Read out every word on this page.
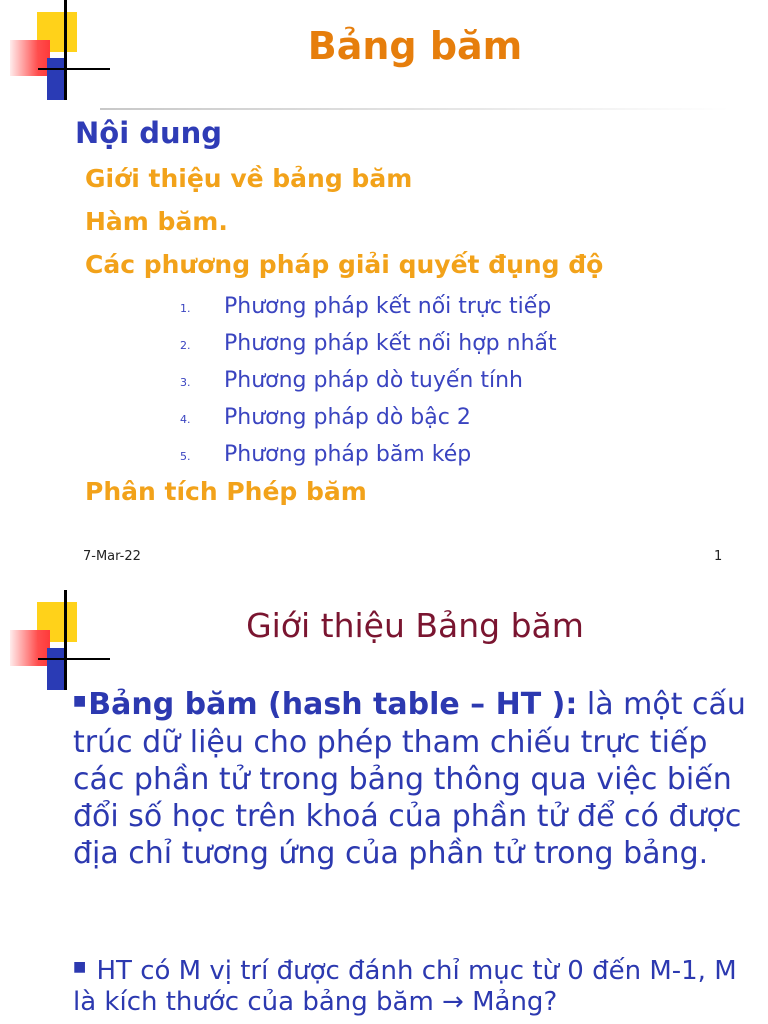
Bảng băm
Nội dung
Giới thiệu về bảng băm
Hàm băm.
Các phương pháp giải quyết đụng độ
1.	Phương pháp kết nối trực tiếp
2.	Phương pháp kết nối hợp nhất
3.	Phương pháp dò tuyến tính
4.	Phương pháp dò bậc 2
5.	Phương pháp băm kép
Phân tích Phép băm
7-Mar-22	1
Giới thiệu Bảng băm
■Bảng băm (hash table – HT ): là một cấu trúc dữ liệu cho phép tham chiếu trực tiếp các phần tử trong bảng thông qua việc biến đổi số học trên khoá của phần tử để có được địa chỉ tương ứng của phần tử trong bảng.
■ HT có M vị trí được đánh chỉ mục từ 0 đến M-1, M là kích thước của bảng băm → Mảng?
